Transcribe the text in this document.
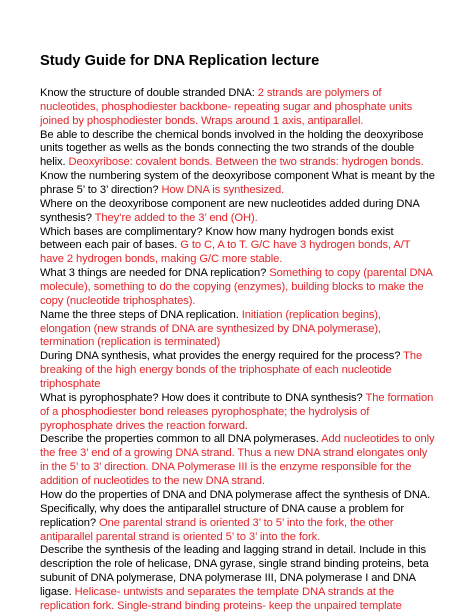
Study Guide for DNA Replication lecture
Know the structure of double stranded DNA: 2 strands are polymers of
nucleotides, phosphodiester backbone- repeating sugar and phosphate units
joined by phosphodiester bonds. Wraps around 1 axis, antiparallel.
Be able to describe the chemical bonds involved in the holding the deoxyribose
units together as wells as the bonds connecting the two strands of the double
helix. Deoxyribose: covalent bonds. Between the two strands: hydrogen bonds.
Know the numbering system of the deoxyribose component What is meant by the
phrase 5’ to 3’ direction? How DNA is synthesized.
Where on the deoxyribose component are new nucleotides added during DNA
synthesis? They’re added to the 3’ end (OH).
Which bases are complimentary? Know how many hydrogen bonds exist
between each pair of bases. G to C, A to T. G/C have 3 hydrogen bonds, A/T
have 2 hydrogen bonds, making G/C more stable.
What 3 things are needed for DNA replication? Something to copy (parental DNA
molecule), something to do the copying (enzymes), building blocks to make the
copy (nucleotide triphosphates).
Name the three steps of DNA replication. Initiation (replication begins),
elongation (new strands of DNA are synthesized by DNA polymerase),
termination (replication is terminated)
During DNA synthesis, what provides the energy required for the process? The
breaking of the high energy bonds of the triphosphate of each nucleotide
triphosphate
What is pyrophosphate? How does it contribute to DNA synthesis? The formation
of a phosphodiester bond releases pyrophosphate; the hydrolysis of
pyrophosphate drives the reaction forward.
Describe the properties common to all DNA polymerases. Add nucleotides to only
the free 3’ end of a growing DNA strand. Thus a new DNA strand elongates only
in the 5’ to 3’ direction. DNA Polymerase III is the enzyme responsible for the
addition of nucleotides to the new DNA strand.
How do the properties of DNA and DNA polymerase affect the synthesis of DNA.
Specifically, why does the antiparallel structure of DNA cause a problem for
replication? One parental strand is oriented 3’ to 5’ into the fork, the other
antiparallel parental strand is oriented 5’ to 3’ into the fork.
Describe the synthesis of the leading and lagging strand in detail. Include in this
description the role of helicase, DNA gyrase, single strand binding proteins, beta
subunit of DNA polymerase, DNA polymerase III, DNA polymerase I and DNA
ligase. Helicase- untwists and separates the template DNA strands at the
replication fork. Single-strand binding proteins- keep the unpaired template
